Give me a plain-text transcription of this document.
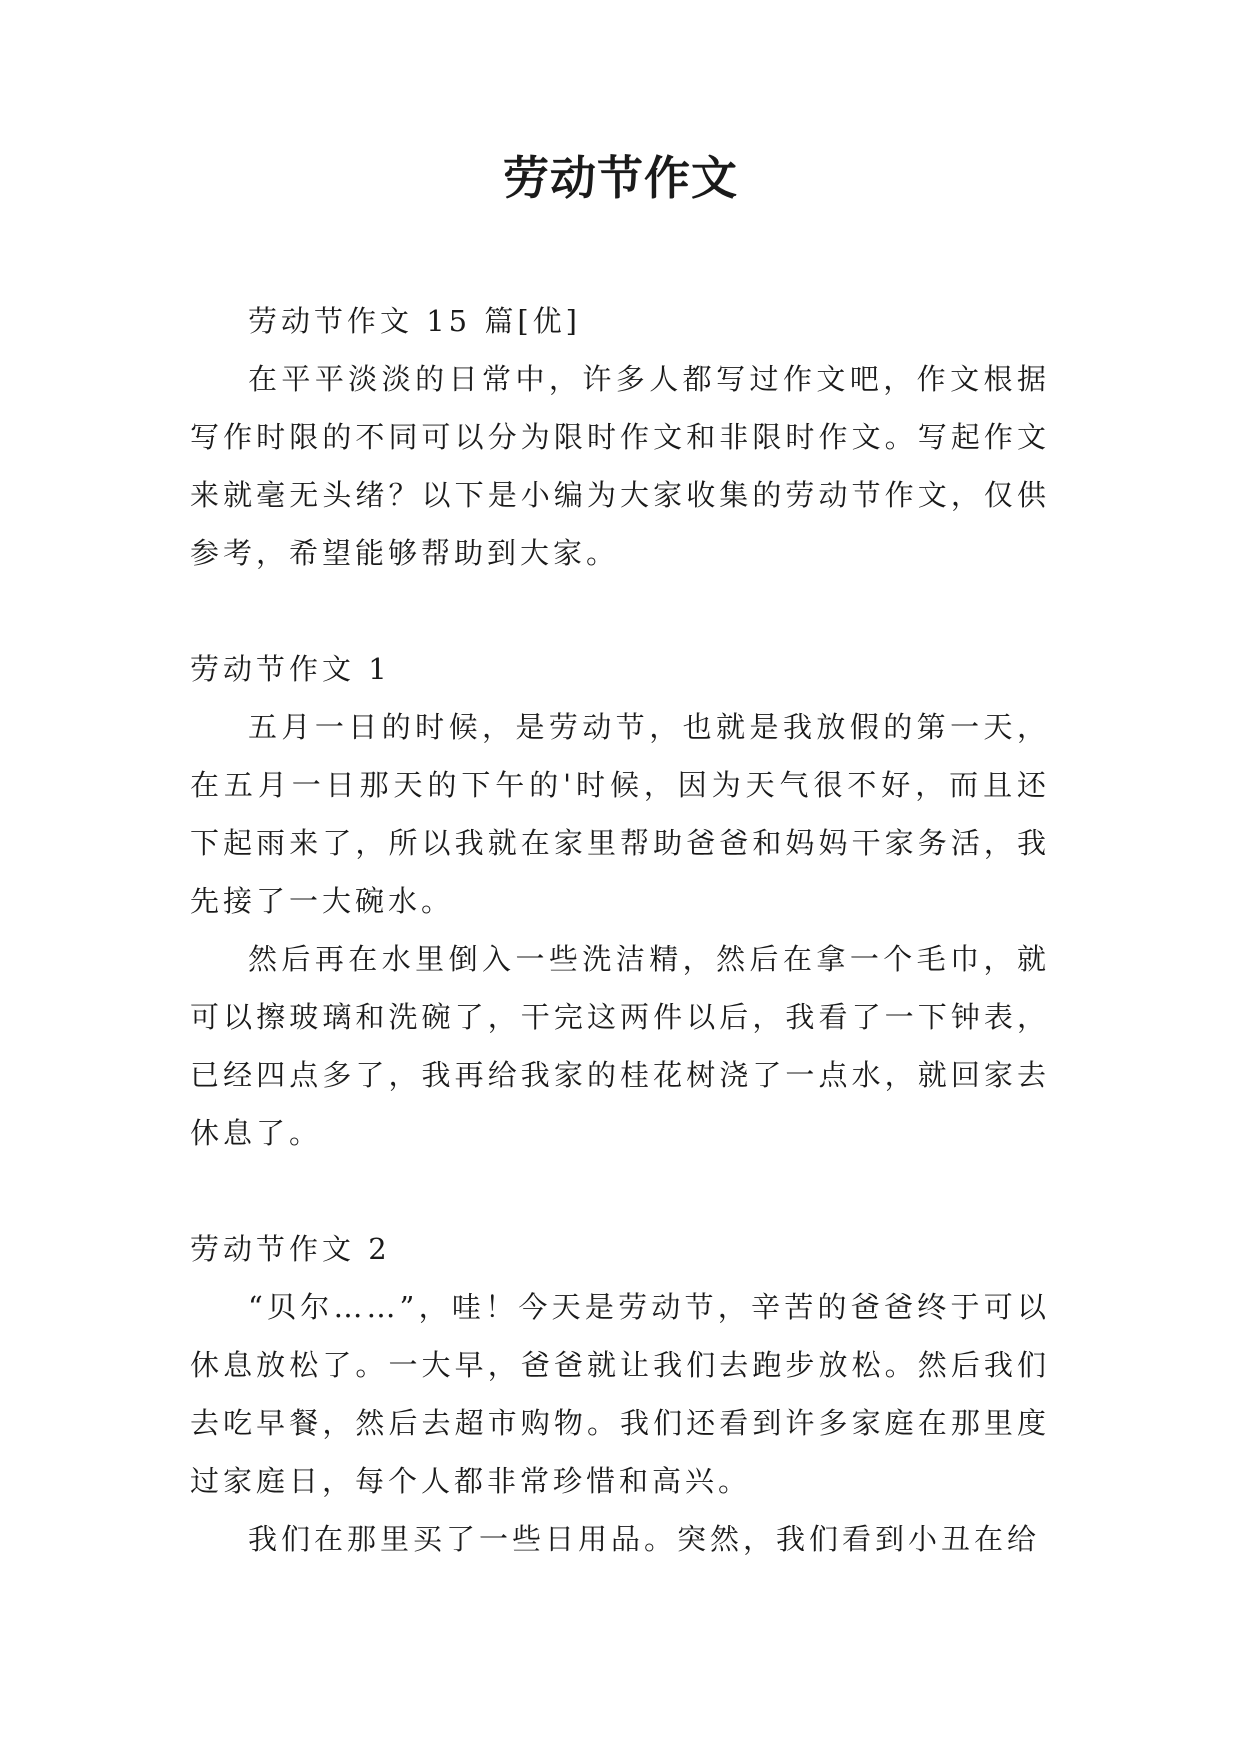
劳动节作文

劳动节作文 15 篇[优]

在平平淡淡的日常中，许多人都写过作文吧，作文根据写作时限的不同可以分为限时作文和非限时作文。写起作文来就毫无头绪？以下是小编为大家收集的劳动节作文，仅供参考，希望能够帮助到大家。

劳动节作文 1

五月一日的时候，是劳动节，也就是我放假的第一天，在五月一日那天的下午的'时候，因为天气很不好，而且还下起雨来了，所以我就在家里帮助爸爸和妈妈干家务活，我先接了一大碗水。

然后再在水里倒入一些洗洁精，然后在拿一个毛巾，就可以擦玻璃和洗碗了，干完这两件以后，我看了一下钟表，已经四点多了，我再给我家的桂花树浇了一点水，就回家去休息了。

劳动节作文 2

“贝尔……”，哇！今天是劳动节，辛苦的爸爸终于可以休息放松了。一大早，爸爸就让我们去跑步放松。然后我们去吃早餐，然后去超市购物。我们还看到许多家庭在那里度过家庭日，每个人都非常珍惜和高兴。

我们在那里买了一些日用品。突然，我们看到小丑在给
